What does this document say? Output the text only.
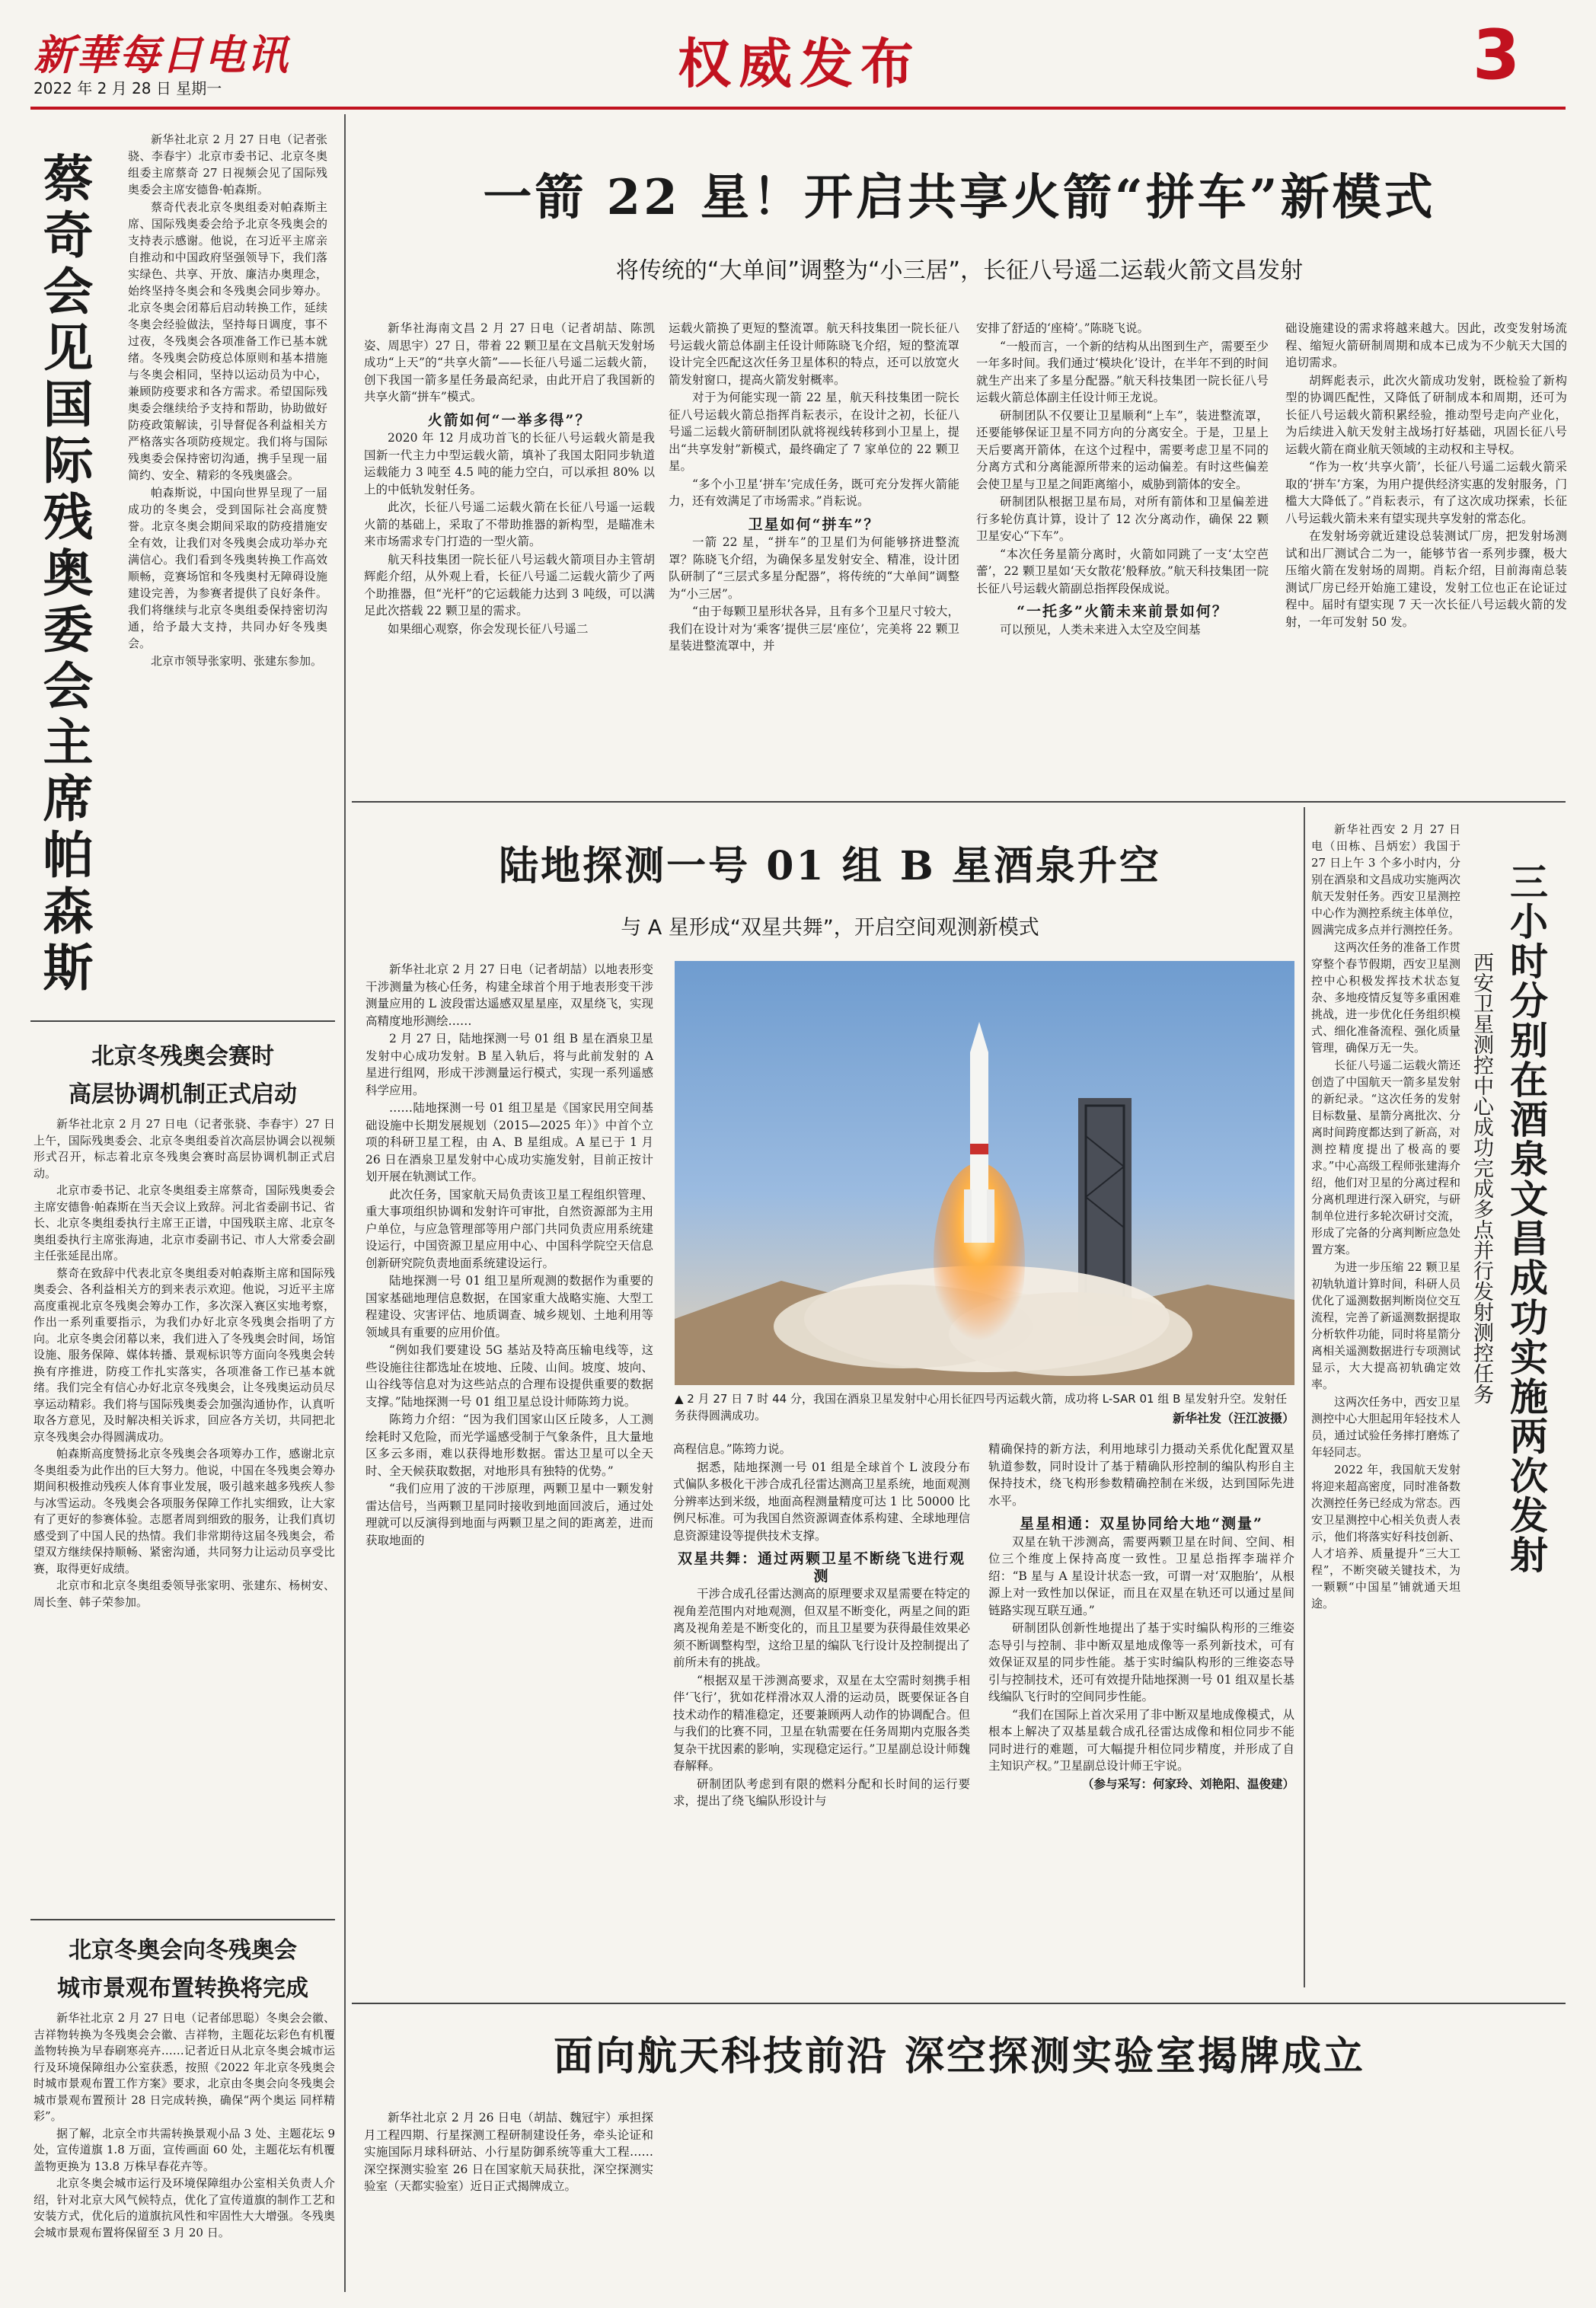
新華每日电讯
2022 年 2 月 28 日 星期一	权威发布	3
蔡奇会见国际残奥委会主席帕森斯

新华社北京 2 月 27 日电（记者张骁、李春宇）北京市委书记、北京冬奥组委主席蔡奇 27 日视频会见了国际残奥委会主席安德鲁·帕森斯。

蔡奇代表北京冬奥组委对帕森斯主席、国际残奥委会给予北京冬残奥会的支持表示感谢。他说，在习近平主席亲自推动和中国政府坚强领导下，我们落实绿色、共享、开放、廉洁办奥理念，始终坚持冬奥会和冬残奥会同步筹办。北京冬奥会闭幕后启动转换工作，延续冬奥会经验做法，坚持每日调度，事不过夜，冬残奥会各项准备工作已基本就绪。冬残奥会防疫总体原则和基本措施与冬奥会相同，坚持以运动员为中心，兼顾防疫要求和各方需求。希望国际残奥委会继续给予支持和帮助，协助做好防疫政策解读，引导督促各利益相关方严格落实各项防疫规定。我们将与国际残奥委会保持密切沟通，携手呈现一届简约、安全、精彩的冬残奥盛会。

帕森斯说，中国向世界呈现了一届成功的冬奥会，受到国际社会高度赞誉。北京冬奥会期间采取的防疫措施安全有效，让我们对冬残奥会成功举办充满信心。我们看到冬残奥转换工作高效顺畅，竞赛场馆和冬残奥村无障碍设施建设完善，为参赛者提供了良好条件。我们将继续与北京冬奥组委保持密切沟通，给予最大支持，共同办好冬残奥会。

北京市领导张家明、张建东参加。

北京冬残奥会赛时
高层协调机制正式启动

新华社北京 2 月 27 日电（记者张骁、李春宇）27 日上午，国际残奥委会、北京冬奥组委首次高层协调会以视频形式召开，标志着北京冬残奥会赛时高层协调机制正式启动。

北京市委书记、北京冬奥组委主席蔡奇，国际残奥委会主席安德鲁·帕森斯在当天会议上致辞。河北省委副书记、省长、北京冬奥组委执行主席王正谱，中国残联主席、北京冬奥组委执行主席张海迪，北京市委副书记、市人大常委会副主任张延昆出席。

蔡奇在致辞中代表北京冬奥组委对帕森斯主席和国际残奥委会、各利益相关方的到来表示欢迎。他说，习近平主席高度重视北京冬残奥会筹办工作，多次深入赛区实地考察，作出一系列重要指示，为我们办好北京冬残奥会指明了方向。北京冬奥会闭幕以来，我们进入了冬残奥会时间，场馆设施、服务保障、媒体转播、景观标识等方面向冬残奥会转换有序推进，防疫工作扎实落实，各项准备工作已基本就绪。我们完全有信心办好北京冬残奥会，让冬残奥运动员尽享运动精彩。我们将与国际残奥委会加强沟通协作，认真听取各方意见，及时解决相关诉求，回应各方关切，共同把北京冬残奥会办得圆满成功。

帕森斯高度赞扬北京冬残奥会各项筹办工作，感谢北京冬奥组委为此作出的巨大努力。他说，中国在冬残奥会筹办期间积极推动残疾人体育事业发展，吸引越来越多残疾人参与冰雪运动。冬残奥会各项服务保障工作扎实细致，让大家有了更好的参赛体验。志愿者周到细致的服务，让我们真切感受到了中国人民的热情。我们非常期待这届冬残奥会，希望双方继续保持顺畅、紧密沟通，共同努力让运动员享受比赛，取得更好成绩。

北京市和北京冬奥组委领导张家明、张建东、杨树安、周长奎、韩子荣参加。

北京冬奥会向冬残奥会
城市景观布置转换将完成

新华社北京 2 月 27 日电（记者邰思聪）冬奥会会徽、吉祥物转换为冬残奥会会徽、吉祥物，主题花坛彩色有机覆盖物转换为早春刷寒亮卉……记者近日从北京冬奥会城市运行及环境保障组办公室获悉，按照《2022 年北京冬残奥会时城市景观布置工作方案》要求，北京由冬奥会向冬残奥会城市景观布置预计 28 日完成转换，确保“两个奥运 同样精彩”。

据了解，北京全市共需转换景观小品 3 处、主题花坛 9 处，宣传道旗 1.8 万面，宣传画面 60 处，主题花坛有机覆盖物更换为 13.8 万株早春花卉等。

北京冬奥会城市运行及环境保障组办公室相关负责人介绍，针对北京大风气候特点，优化了宣传道旗的制作工艺和安装方式，优化后的道旗抗风性和牢固性大大增强。冬残奥会城市景观布置将保留至 3 月 20 日。

一箭 22 星！开启共享火箭“拼车”新模式
将传统的“大单间”调整为“小三居”，长征八号遥二运载火箭文昌发射

新华社海南文昌 2 月 27 日电（记者胡喆、陈凯姿、周思宇）27 日，带着 22 颗卫星在文昌航天发射场成功“上天”的“共享火箭”——长征八号遥二运载火箭，创下我国一箭多星任务最高纪录，由此开启了我国新的共享火箭“拼车”模式。

火箭如何“一举多得”？

2020 年 12 月成功首飞的长征八号运载火箭是我国新一代主力中型运载火箭，填补了我国太阳同步轨道运载能力 3 吨至 4.5 吨的能力空白，可以承担 80% 以上的中低轨发射任务。

此次，长征八号遥二运载火箭在长征八号遥一运载火箭的基础上，采取了不带助推器的新构型，是瞄准未来市场需求专门打造的一型火箭。

航天科技集团一院长征八号运载火箭项目办主管胡辉彪介绍，从外观上看，长征八号遥二运载火箭少了两个助推器，但“光杆”的它运载能力达到 3 吨级，可以满足此次搭载 22 颗卫星的需求。

如果细心观察，你会发现长征八号遥二

运载火箭换了更短的整流罩。航天科技集团一院长征八号运载火箭总体副主任设计师陈晓飞介绍，短的整流罩设计完全匹配这次任务卫星体积的特点，还可以放宽火箭发射窗口，提高火箭发射概率。

对于为何能实现一箭 22 星，航天科技集团一院长征八号运载火箭总指挥肖耘表示，在设计之初，长征八号遥二运载火箭研制团队就将视线转移到小卫星上，提出“共享发射”新模式，最终确定了 7 家单位的 22 颗卫星。

“多个小卫星‘拼车’完成任务，既可充分发挥火箭能力，还有效满足了市场需求。”肖耘说。

卫星如何“拼车”？

一箭 22 星，“拼车”的卫星们为何能够挤进整流罩？陈晓飞介绍，为确保多星发射安全、精准，设计团队研制了“三层式多星分配器”，将传统的“大单间”调整为“小三居”。

“由于每颗卫星形状各异，且有多个卫星尺寸较大，我们在设计对为‘乘客’提供三层‘座位’，完美将 22 颗卫星装进整流罩中，并

安排了舒适的‘座椅’。”陈晓飞说。

“一般而言，一个新的结构从出图到生产，需要至少一年多时间。我们通过‘模块化’设计，在半年不到的时间就生产出来了多星分配器。”航天科技集团一院长征八号运载火箭总体副主任设计师王龙说。

研制团队不仅要让卫星顺利“上车”，装进整流罩，还要能够保证卫星不同方向的分离安全。于是，卫星上天后要离开箭体，在这个过程中，需要考虑卫星不同的分离方式和分离能源所带来的运动偏差。有时这些偏差会使卫星与卫星之间距离缩小，威胁到箭体的安全。

研制团队根据卫星布局，对所有箭体和卫星偏差进行多轮仿真计算，设计了 12 次分离动作，确保 22 颗卫星安心“下车”。

“本次任务星箭分离时，火箭如同跳了一支‘太空芭蕾’，22 颗卫星如‘天女散花’般释放。”航天科技集团一院长征八号运载火箭副总指挥段保成说。

“一托多”火箭未来前景如何？

可以预见，人类未来进入太空及空间基

础设施建设的需求将越来越大。因此，改变发射场流程、缩短火箭研制周期和成本已成为不少航天大国的追切需求。

胡辉彪表示，此次火箭成功发射，既检验了新构型的协调匹配性，又降低了研制成本和周期，还可为长征八号运载火箭积累经验，推动型号走向产业化，为后续进入航天发射主战场打好基础，巩固长征八号运载火箭在商业航天领域的主动权和主导权。

“作为一枚‘共享火箭’，长征八号遥二运载火箭采取的‘拼车’方案，为用户提供经济实惠的发射服务，门槛大大降低了。”肖耘表示，有了这次成功探索，长征八号运载火箭未来有望实现共享发射的常态化。

在发射场旁就近建设总装测试厂房，把发射场测试和出厂测试合二为一，能够节省一系列步骤，极大压缩火箭在发射场的周期。肖耘介绍，目前海南总装测试厂房已经开始施工建设，发射工位也正在论证过程中。届时有望实现 7 天一次长征八号运载火箭的发射，一年可发射 50 发。

陆地探测一号 01 组 B 星酒泉升空
与 A 星形成“双星共舞”，开启空间观测新模式

新华社北京 2 月 27 日电（记者胡喆）以地表形变干涉测量为核心任务，构建全球首个用于地表形变干涉测量应用的 L 波段雷达遥感双星星座，双星绕飞，实现高精度地形测绘……

2 月 27 日，陆地探测一号 01 组 B 星在酒泉卫星发射中心成功发射。B 星入轨后，将与此前发射的 A 星进行组网，形成干涉测量运行模式，实现一系列遥感科学应用。

……陆地探测一号 01 组卫星是《国家民用空间基础设施中长期发展规划（2015—2025 年）》中首个立项的科研卫星工程，由 A、B 星组成。A 星已于 1 月 26 日在酒泉卫星发射中心成功实施发射，目前正按计划开展在轨测试工作。

此次任务，国家航天局负责该卫星工程组织管理、重大事项组织协调和发射许可审批，自然资源部为主用户单位，与应急管理部等用户部门共同负责应用系统建设运行，中国资源卫星应用中心、中国科学院空天信息创新研究院负责地面系统建设运行。

陆地探测一号 01 组卫星所观测的数据作为重要的国家基础地理信息数据，在国家重大战略实施、大型工程建设、灾害评估、地质调查、城乡规划、土地利用等领域具有重要的应用价值。

“例如我们要建设 5G 基站及特高压输电线等，这些设施往往都选址在坡地、丘陵、山间。坡度、坡向、山谷线等信息对为这些站点的合理布设提供重要的数据支撑。”陆地探测一号 01 组卫星总设计师陈筠力说。

陈筠力介绍：“因为我们国家山区丘陵多，人工测绘耗时又危险，而光学遥感受制于气象条件，且大量地区多云多雨，难以获得地形数据。雷达卫星可以全天时、全天候获取数据，对地形具有独特的优势。”

“我们应用了波的干涉原理，两颗卫星中一颗发射雷达信号，当两颗卫星同时接收到地面回波后，通过处理就可以反演得到地面与两颗卫星之间的距离差，进而获取地面的

▲ 2 月 27 日 7 时 44 分，我国在酒泉卫星发射中心用长征四号丙运载火箭，成功将 L-SAR 01 组 B 星发射升空。发射任务获得圆满成功。	新华社发（汪江波摄）

高程信息。”陈筠力说。

据悉，陆地探测一号 01 组是全球首个 L 波段分布式偏队多极化干涉合成孔径雷达测高卫星系统，地面观测分辨率达到米级，地面高程测量精度可达 1 比 50000 比例尺标准。可为我国自然资源调查体系构建、全球地理信息资源建设等提供技术支撑。

双星共舞：通过两颗卫星不断绕飞进行观测

干涉合成孔径雷达测高的原理要求双星需要在特定的视角差范围内对地观测，但双星不断变化，两星之间的距离及视角差是不断变化的，而且卫星要为获得最佳效果必须不断调整构型，这给卫星的编队飞行设计及控制提出了前所未有的挑战。

“根据双星干涉测高要求，双星在太空需时刻携手相伴‘飞行’，犹如花样滑冰双人滑的运动员，既要保证各自技术动作的精准稳定，还要兼顾两人动作的协调配合。但与我们的比赛不同，卫星在轨需要在任务周期内克服各类复杂干扰因素的影响，实现稳定运行。”卫星副总设计师魏春解释。

研制团队考虑到有限的燃料分配和长时间的运行要求，提出了绕飞编队形设计与

精确保持的新方法，利用地球引力摄动关系优化配置双星轨道参数，同时设计了基于精确队形控制的编队构形自主保持技术，绕飞构形参数精确控制在米级，达到国际先进水平。

星星相通：双星协同给大地“测量”

双星在轨干涉测高，需要两颗卫星在时间、空间、相位三个维度上保持高度一致性。卫星总指挥李瑞祥介绍：“B 星与 A 星设计状态一致，可谓一对‘双胞胎’，从根源上对一致性加以保证，而且在双星在轨还可以通过星间链路实现互联互通。”

研制团队创新性地提出了基于实时编队构形的三维姿态导引与控制、非中断双星地成像等一系列新技术，可有效保证双星的同步性能。基于实时编队构形的三维姿态导引与控制技术，还可有效提升陆地探测一号 01 组双星长基线编队飞行时的空间同步性能。

“我们在国际上首次采用了非中断双星地成像模式，从根本上解决了双基星载合成孔径雷达成像和相位同步不能同时进行的难题，可大幅提升相位同步精度，并形成了自主知识产权。”卫星副总设计师王宇说。

（参与采写：何家玲、刘艳阳、温俊建）

新华社西安 2 月 27 日电（田栋、吕炳宏）我国于 27 日上午 3 个多小时内，分别在酒泉和文昌成功实施两次航天发射任务。西安卫星测控中心作为测控系统主体单位，圆满完成多点并行测控任务。

这两次任务的准备工作贯穿整个春节假期，西安卫星测控中心积极发挥技术状态复杂、多地疫情反复等多重困难挑战，进一步优化任务组织模式、细化准备流程、强化质量管理，确保万无一失。

长征八号遥二运载火箭还创造了中国航天一箭多星发射的新纪录。“这次任务的发射目标数量、星箭分离批次、分离时间跨度都达到了新高，对测控精度提出了极高的要求。”中心高级工程师张建海介绍，他们对卫星的分离过程和分离机理进行深入研究，与研制单位进行多轮次研讨交流，形成了完备的分离判断应急处置方案。

为进一步压缩 22 颗卫星初轨轨道计算时间，科研人员优化了遥测数据判断岗位交互流程，完善了新遥测数据提取分析软件功能，同时将星箭分离相关遥测数据进行专项测试显示，大大提高初轨确定效率。

这两次任务中，西安卫星测控中心大胆起用年轻技术人员，通过试验任务摔打磨炼了年轻同志。

2022 年，我国航天发射将迎来超高密度，同时准备数次测控任务已经成为常态。西安卫星测控中心相关负责人表示，他们将落实好科技创新、人才培养、质量提升“三大工程”，不断突破关键技术，为一颗颗“中国星”铺就通天坦途。

三小时分别在酒泉文昌成功实施两次发射
西安卫星测控中心成功完成多点并行发射测控任务
面向航天科技前沿 深空探测实验室揭牌成立

新华社北京 2 月 26 日电（胡喆、魏冠宇）承担探月工程四期、行星探测工程研制建设任务，牵头论证和实施国际月球科研站、小行星防御系统等重大工程……深空探测实验室 26 日在国家航天局获批，深空探测实验室（天都实验室）近日正式揭牌成立。
